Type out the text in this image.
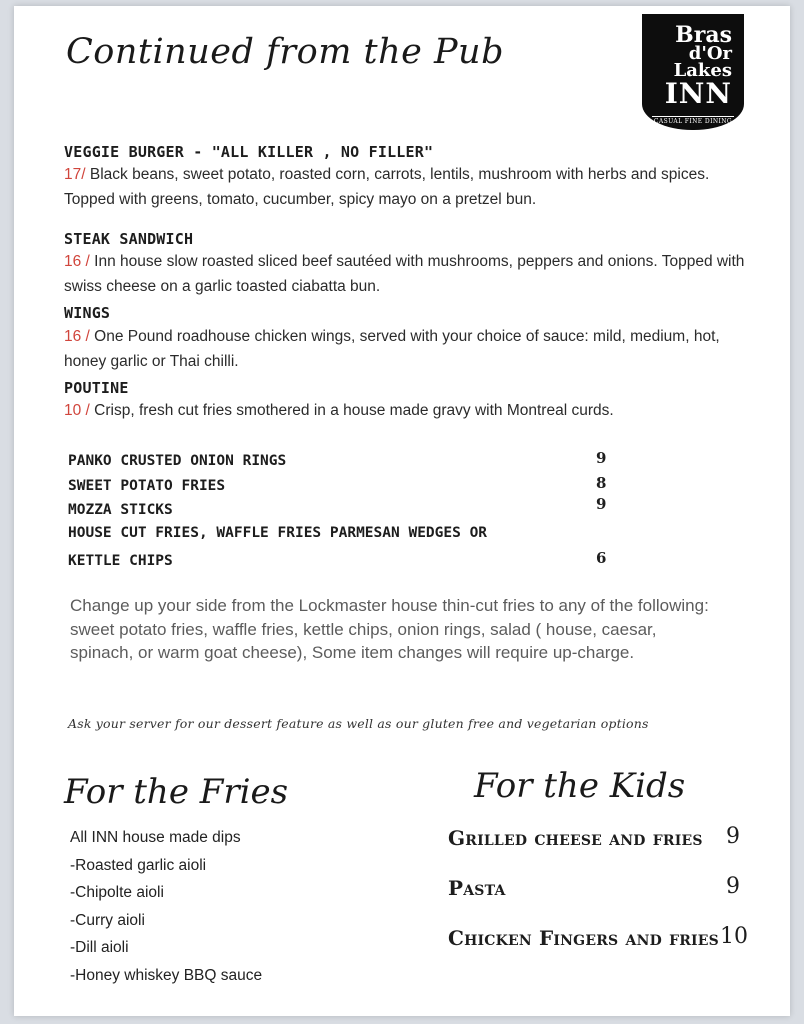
Continued from the Pub	Bras
d'Or
Lakes
INN
CASUAL FINE DINING
VEGGIE BURGER - "ALL KILLER , NO FILLER"
17/ Black beans, sweet potato, roasted corn, carrots, lentils, mushroom with herbs and spices. Topped with greens, tomato, cucumber, spicy mayo on a pretzel bun.
STEAK SANDWICH
16 / Inn house slow roasted sliced beef sautéed with mushrooms, peppers and onions. Topped with swiss cheese on a garlic toasted ciabatta bun.
WINGS
16 / One Pound roadhouse chicken wings, served with your choice of sauce: mild, medium, hot, honey garlic or Thai chilli.
POUTINE
10 / Crisp, fresh cut fries smothered in a house made gravy with Montreal curds.
PANKO CRUSTED ONION RINGS	9
SWEET POTATO FRIES	8
MOZZA STICKS	9
HOUSE CUT FRIES, WAFFLE FRIES PARMESAN WEDGES OR
KETTLE CHIPS	6
Change up your side from the Lockmaster house thin-cut fries to any of the following: sweet potato fries, waffle fries, kettle chips, onion rings, salad ( house, caesar, spinach, or warm goat cheese), Some item changes will require up-charge.
Ask your server for our dessert feature as well as our gluten free and vegetarian options
For the Fries
All INN house made dips
-Roasted garlic aioli
-Chipolte aioli
-Curry aioli
-Dill aioli
-Honey whiskey BBQ sauce
For the Kids
Grilled cheese and fries 9
Pasta	9
Chicken Fingers and fries 10
